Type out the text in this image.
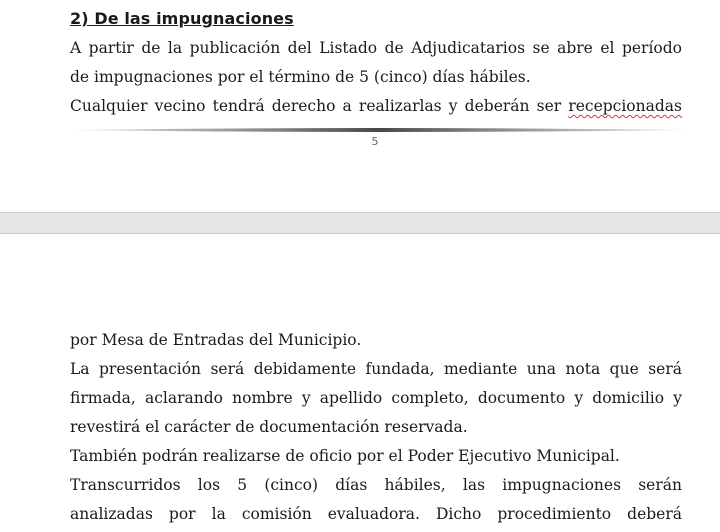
2) De las impugnaciones
A partir de la publicación del Listado de Adjudicatarios se abre el período
de impugnaciones por el término de 5 (cinco) días hábiles.
Cualquier vecino tendrá derecho a realizarlas y deberán ser recepcionadas
5
por Mesa de Entradas del Municipio.
La presentación será debidamente fundada, mediante una nota que será
firmada, aclarando nombre y apellido completo, documento y domicilio y
revestirá el carácter de documentación reservada.
También podrán realizarse de oficio por el Poder Ejecutivo Municipal.
Transcurridos los 5 (cinco) días hábiles, las impugnaciones serán
analizadas por la comisión evaluadora. Dicho procedimiento deberá
